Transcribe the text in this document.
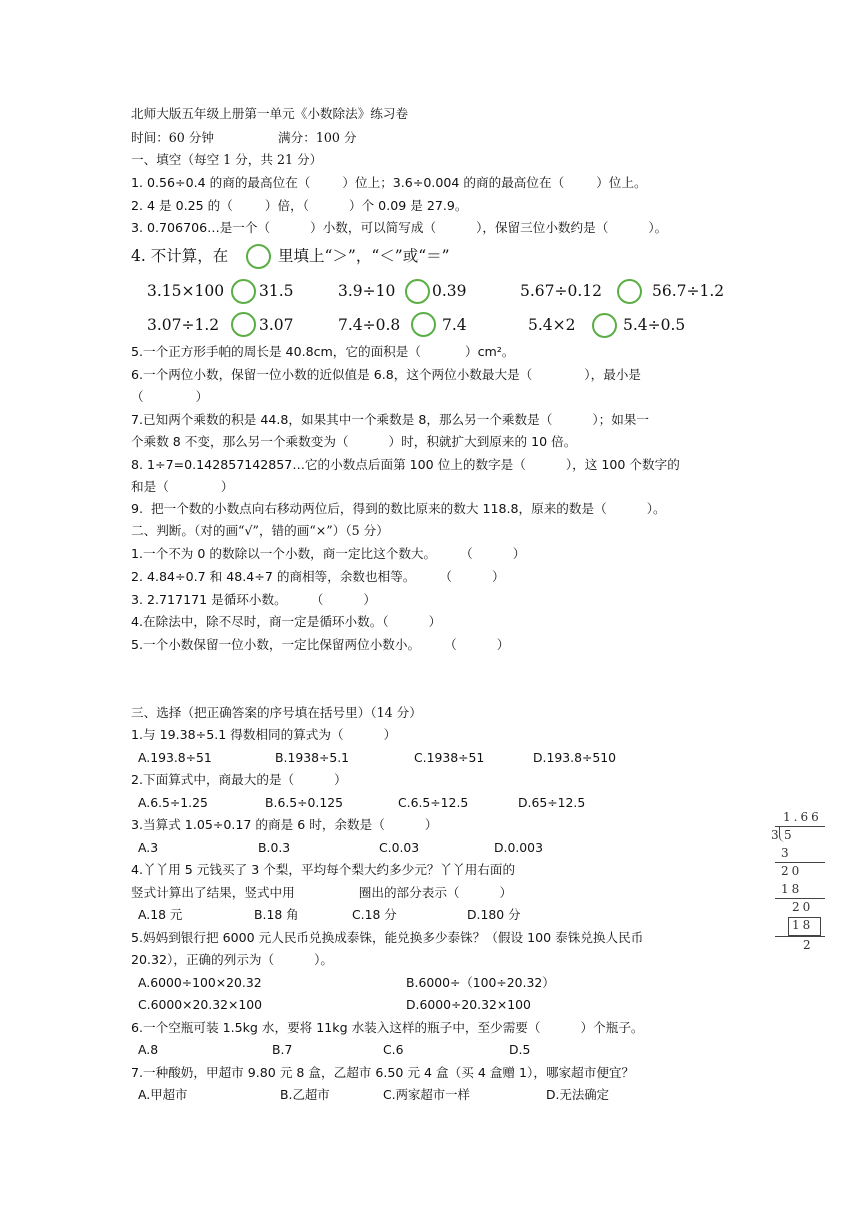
北师大版五年级上册第一单元《小数除法》练习卷
时间：60 分钟                满分：100 分
一、填空（每空 1 分，共 21 分）
1. 0.56÷0.4 的商的最高位在（        ）位上；3.6÷0.004 的商的最高位在（        ）位上。
2. 4 是 0.25 的（        ）倍，（          ）个 0.09 是 27.9。
3. 0.706706…是一个（          ）小数，可以简写成（          ），保留三位小数约是（          ）。
4. 不计算，在	里填上“＞”，“＜”或“＝”
3.15×100 31.5	3.9÷10 0.39	5.67÷0.12	56.7÷1.2
3.07÷1.2	3.07	7.4÷0.8	7.4	5.4×2	5.4÷0.5
5.一个正方形手帕的周长是 40.8cm，它的面积是（           ）cm²。
6.一个两位小数，保留一位小数的近似值是 6.8，这个两位小数最大是（             ），最小是
（             ）
7.已知两个乘数的积是 44.8，如果其中一个乘数是 8，那么另一个乘数是（          ）；如果一
个乘数 8 不变，那么另一个乘数变为（          ）时，积就扩大到原来的 10 倍。
8. 1÷7=0.142857142857…它的小数点后面第 100 位上的数字是（          ），这 100 个数字的
和是（             ）
9.  把一个数的小数点向右移动两位后，得到的数比原来的数大 118.8，原来的数是（          ）。
二、判断。（对的画“√”，错的画“×”）（5 分）
1.一个不为 0 的数除以一个小数，商一定比这个数大。      （          ）
2. 4.84÷0.7 和 48.4÷7 的商相等，余数也相等。      （          ）
3. 2.717171 是循环小数。      （          ）
4.在除法中，除不尽时，商一定是循环小数。（          ）
5.一个小数保留一位小数，一定比保留两位小数小。      （          ）
三、选择（把正确答案的序号填在括号里）（14 分）
1.与 19.38÷5.1 得数相同的算式为（          ）
A.193.8÷51	B.1938÷5.1	C.1938÷51	D.193.8÷510
2.下面算式中，商最大的是（          ）
A.6.5÷1.25	B.6.5÷0.125	C.6.5÷12.5	D.65÷12.5
3.当算式 1.05÷0.17 的商是 6 时，余数是（          ）
A.3	B.0.3	C.0.03	D.0.003
4.丫丫用 5 元钱买了 3 个梨，平均每个梨大约多少元？丫丫用右面的
竖式计算出了结果，竖式中用                圈出的部分表示（          ）
A.18 元	B.18 角	C.18 分	D.180 分
5.妈妈到银行把 6000 元人民币兑换成泰铢，能兑换多少泰铢？（假设 100 泰铢兑换人民币
20.32），正确的列示为（          ）。
A.6000÷100×20.32	B.6000÷（100÷20.32）
C.6000×20.32×100	D.6000÷20.32×100
6.一个空瓶可装 1.5kg 水，要将 11kg 水装入这样的瓶子中，至少需要（          ）个瓶子。
A.8	B.7	C.6	D.5
7.一种酸奶，甲超市 9.80 元 8 盒，乙超市 6.50 元 4 盒（买 4 盒赠 1），哪家超市便宜？
A.甲超市	B.乙超市	C.两家超市一样	D.无法确定
1.66
3 5
3
20
18
20
18
2
